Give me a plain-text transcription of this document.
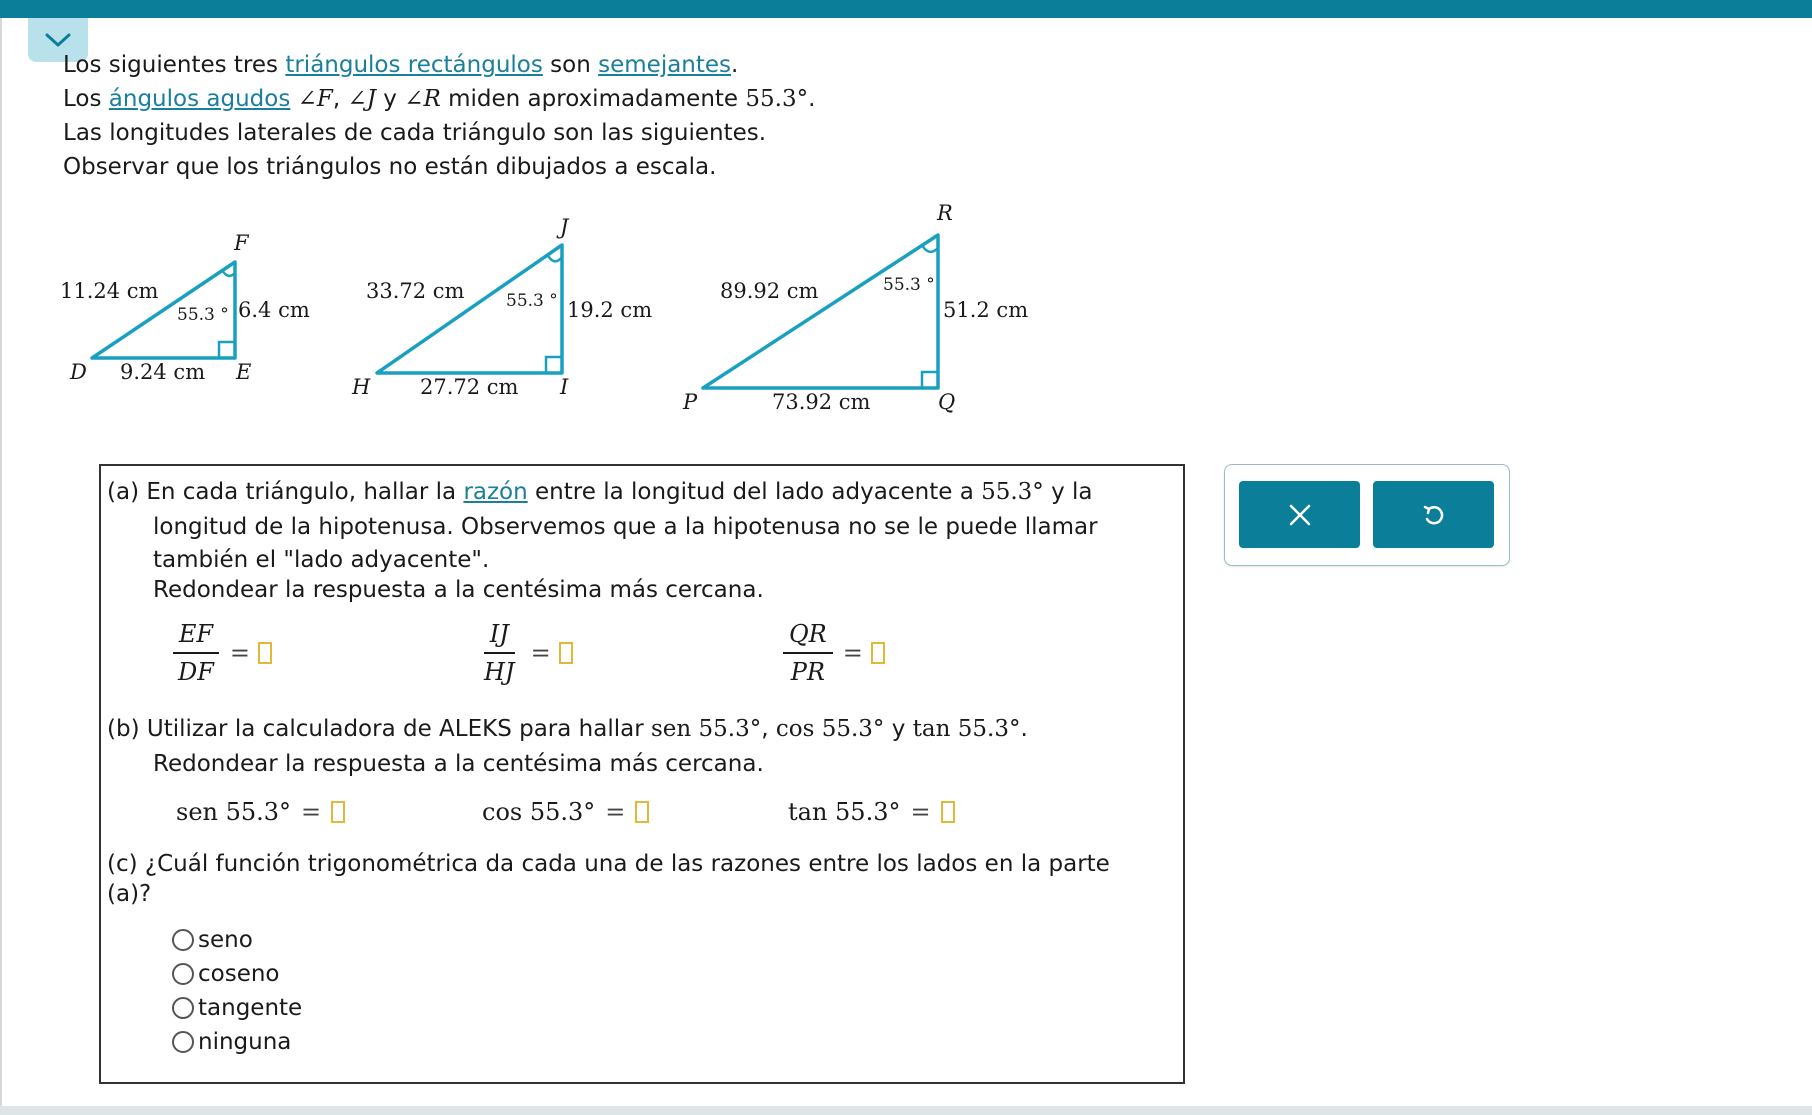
Los siguientes tres triángulos rectángulos son semejantes.

Los ángulos agudos ∠F, ∠J y ∠R miden aproximadamente 55.3°.

Las longitudes laterales de cada triángulo son las siguientes.

Observar que los triángulos no están dibujados a escala.

F
D	E
11.24 cm
6.4 cm
9.24 cm
55.3 °
J
H	I
33.72 cm
19.2 cm
27.72 cm
55.3 °
R
P	Q
89.92 cm
51.2 cm
73.92 cm
55.3 °
(a) En cada triángulo, hallar la razón entre la longitud del lado adyacente a 55.3° y la
longitud de la hipotenusa. Observemos que a la hipotenusa no se le puede llamar
también el "lado adyacente".
Redondear la respuesta a la centésima más cercana.
$\frac{EF}{DF}$ =	$\frac{IJ}{HJ}$ =	$\frac{QR}{PR}$ =
(b) Utilizar la calculadora de ALEKS para hallar sen 55.3°, cos 55.3° y tan 55.3°.
Redondear la respuesta a la centésima más cercana.
sen 55.3° =	cos 55.3° =	tan 55.3° =
(c) ¿Cuál función trigonométrica da cada una de las razones entre los lados en la parte
(a)?
seno
coseno
tangente
ninguna
